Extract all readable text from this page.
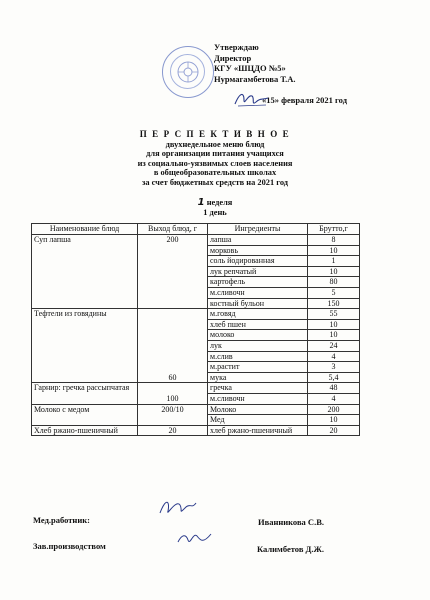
Утверждаю
Директор
КГУ «ШЦДО №5»
Нурмагамбетова Т.А.
«15» февраля 2021 год
П Е Р С П Е К Т И В Н О Е
двухнедельное меню блюд
для организации питания учащихся
из социально-уязвимых слоев населения
в общеобразовательных школах
за счет бюджетных средств на 2021 год
1 неделя
1 день
Наименование блюд	Выход блюд, г	Ингредиенты	Брутто,г
Суп лапша	200	лапша	8
		морковь	10
		соль йодированная	1
		лук репчатый	10
		картофель	80
		м.сливочн	5
		костный бульон	150
Тефтели из говядины	60	м.говяд	55
		хлеб пшен	10
		молоко	10
		лук	24
		м.слив	4
		м.растит	3
		мука	5,4
Гарнир: гречка рассыпчатая	100	гречка	48
		м.сливочн	4
Молоко с медом	200/10	Молоко	200
		Мед	10
Хлеб ржано-пшеничный	20	хлеб ржано-пшеничный	20
Мед.работник:	Иванникова С.В.
Зав.производством	Калимбетов Д.Ж.
